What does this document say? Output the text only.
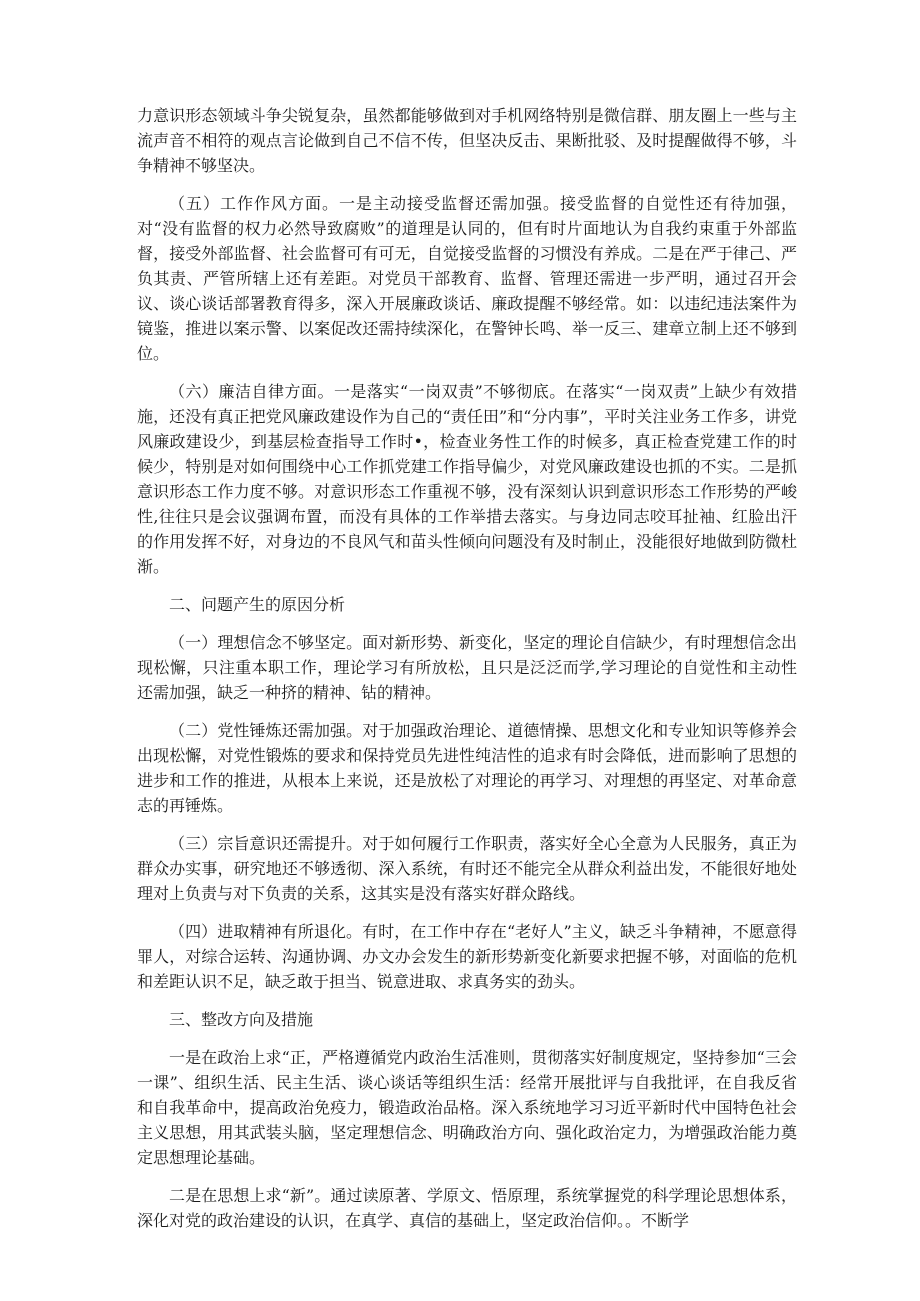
力意识形态领域斗争尖锐复杂，虽然都能够做到对手机网络特别是微信群、朋友圈上一些与主流声音不相符的观点言论做到自己不信不传，但坚决反击、果断批驳、及时提醒做得不够，斗争精神不够坚决。

（五）工作作风方面。一是主动接受监督还需加强。接受监督的自觉性还有待加强，对“没有监督的权力必然导致腐败”的道理是认同的，但有时片面地认为自我约束重于外部监督，接受外部监督、社会监督可有可无，自觉接受监督的习惯没有养成。二是在严于律己、严负其责、严管所辖上还有差距。对党员干部教育、监督、管理还需进一步严明，通过召开会议、谈心谈话部署教育得多，深入开展廉政谈话、廉政提醒不够经常。如：以违纪违法案件为镜鉴，推进以案示警、以案促改还需持续深化，在警钟长鸣、举一反三、建章立制上还不够到位。

（六）廉洁自律方面。一是落实“一岗双责”不够彻底。在落实“一岗双责”上缺少有效措施，还没有真正把党风廉政建设作为自己的“责任田”和“分内事”，平时关注业务工作多，讲党风廉政建设少，到基层检查指导工作时•，检查业务性工作的时候多，真正检查党建工作的时候少，特别是对如何围绕中心工作抓党建工作指导偏少，对党风廉政建设也抓的不实。二是抓意识形态工作力度不够。对意识形态工作重视不够，没有深刻认识到意识形态工作形势的严峻性,往往只是会议强调布置，而没有具体的工作举措去落实。与身边同志咬耳扯袖、红脸出汗的作用发挥不好，对身边的不良风气和苗头性倾向问题没有及时制止，没能很好地做到防微杜渐。

二、问题产生的原因分析

（一）理想信念不够坚定。面对新形势、新变化，坚定的理论自信缺少，有时理想信念出现松懈，只注重本职工作，理论学习有所放松，且只是泛泛而学,学习理论的自觉性和主动性还需加强，缺乏一种挤的精神、钻的精神。

（二）党性锤炼还需加强。对于加强政治理论、道德情操、思想文化和专业知识等修养会出现松懈，对党性锻炼的要求和保持党员先进性纯洁性的追求有时会降低，进而影响了思想的进步和工作的推进，从根本上来说，还是放松了对理论的再学习、对理想的再坚定、对革命意志的再锤炼。

（三）宗旨意识还需提升。对于如何履行工作职责，落实好全心全意为人民服务，真正为群众办实事，研究地还不够透彻、深入系统，有时还不能完全从群众利益出发，不能很好地处理对上负责与对下负责的关系，这其实是没有落实好群众路线。

（四）进取精神有所退化。有时，在工作中存在“老好人”主义，缺乏斗争精神，不愿意得罪人，对综合运转、沟通协调、办文办会发生的新形势新变化新要求把握不够，对面临的危机和差距认识不足，缺乏敢于担当、锐意进取、求真务实的劲头。

三、整改方向及措施

一是在政治上求“正，严格遵循党内政治生活准则，贯彻落实好制度规定，坚持参加“三会一课”、组织生活、民主生活、谈心谈话等组织生活：经常开展批评与自我批评，在自我反省和自我革命中，提高政治免疫力，锻造政治品格。深入系统地学习习近平新时代中国特色社会主义思想，用其武装头脑，坚定理想信念、明确政治方向、强化政治定力，为增强政治能力奠定思想理论基础。

二是在思想上求“新”。通过读原著、学原文、悟原理，系统掌握党的科学理论思想体系，深化对党的政治建设的认识，在真学、真信的基础上，坚定政治信仰。。不断学
